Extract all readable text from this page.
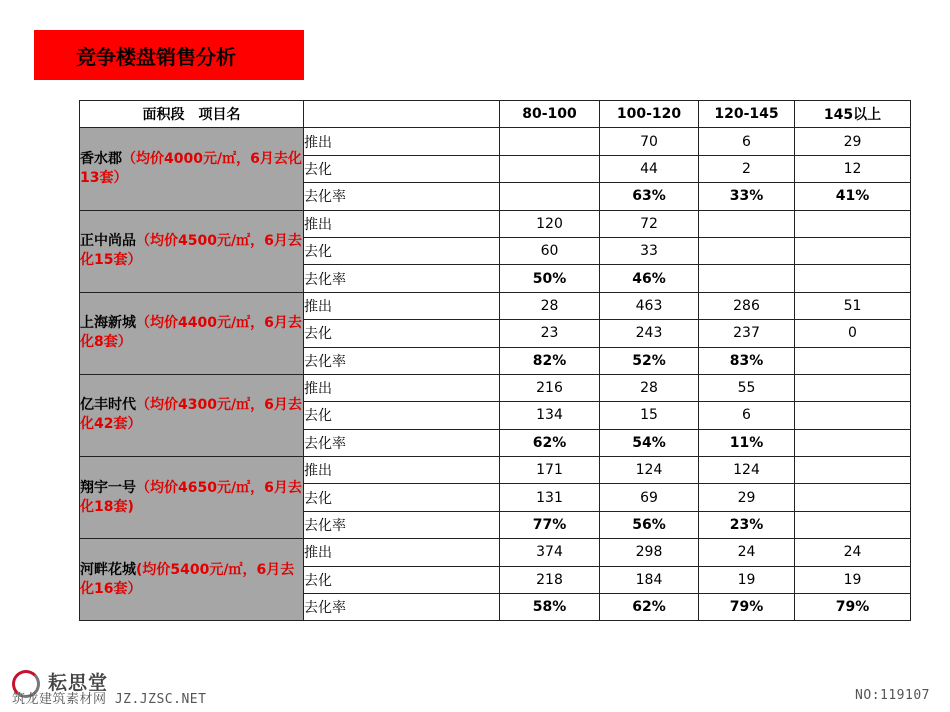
竞争楼盘销售分析
面积段　项目名		80-100	100-120	120-145	145以上
香水郡（均价4000元/㎡，6月去化13套）	推出		70	6	29
	去化		44	2	12
	去化率		63%	33%	41%
正中尚品（均价4500元/㎡，6月去化15套）	推出	120	72		
	去化	60	33		
	去化率	50%	46%		
上海新城（均价4400元/㎡，6月去化8套）	推出	28	463	286	51
	去化	23	243	237	0
	去化率	82%	52%	83%	
亿丰时代（均价4300元/㎡，6月去化42套）	推出	216	28	55	
	去化	134	15	6	
	去化率	62%	54%	11%	
翔宇一号（均价4650元/㎡，6月去化18套)	推出	171	124	124	
	去化	131	69	29	
	去化率	77%	56%	23%	
河畔花城(均价5400元/㎡，6月去化16套）	推出	374	298	24	24
	去化	218	184	19	19
	去化率	58%	62%	79%	79%
耘思堂
筑龙建筑素材网 JZ.JZSC.NET	NO:119107
